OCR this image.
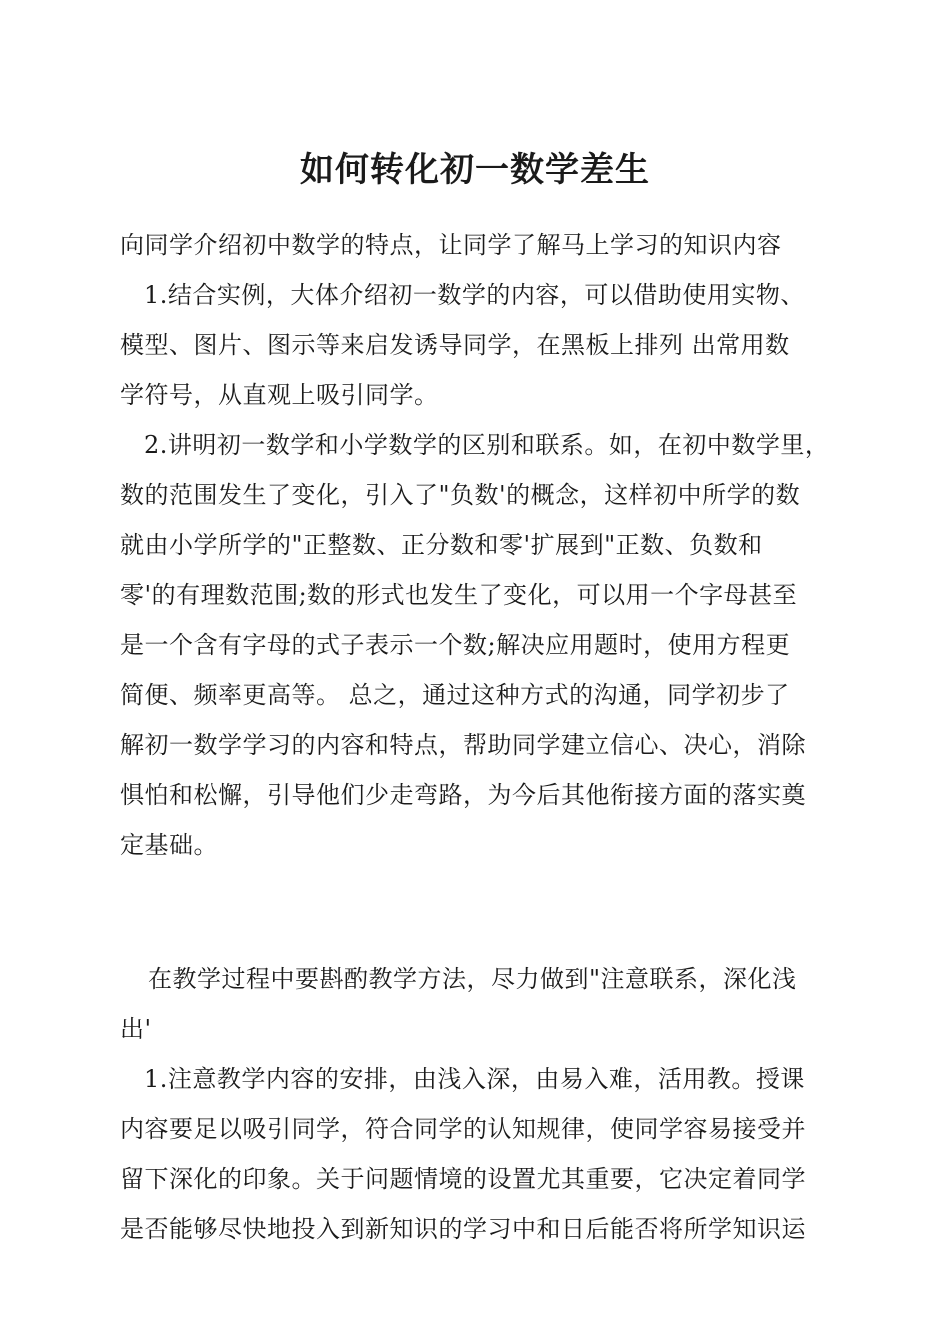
如何转化初一数学差生
向同学介绍初中数学的特点，让同学了解马上学习的知识内容
1.结合实例，大体介绍初一数学的内容，可以借助使用实物、
模型、图片、图示等来启发诱导同学，在黑板上排列 出常用数
学符号，从直观上吸引同学。
2.讲明初一数学和小学数学的区别和联系。如，在初中数学里，
数的范围发生了变化，引入了"负数'的概念，这样初中所学的数
就由小学所学的"正整数、正分数和零'扩展到"正数、负数和
零'的有理数范围;数的形式也发生了变化，可以用一个字母甚至
是一个含有字母的式子表示一个数;解决应用题时，使用方程更
简便、频率更高等。 总之，通过这种方式的沟通，同学初步了
解初一数学学习的内容和特点，帮助同学建立信心、决心，消除
惧怕和松懈，引导他们少走弯路，为今后其他衔接方面的落实奠
定基础。
在教学过程中要斟酌教学方法，尽力做到"注意联系，深化浅
出'
1.注意教学内容的安排，由浅入深，由易入难，活用教。授课
内容要足以吸引同学，符合同学的认知规律，使同学容易接受并
留下深化的印象。关于问题情境的设置尤其重要，它决定着同学
是否能够尽快地投入到新知识的学习中和日后能否将所学知识运
